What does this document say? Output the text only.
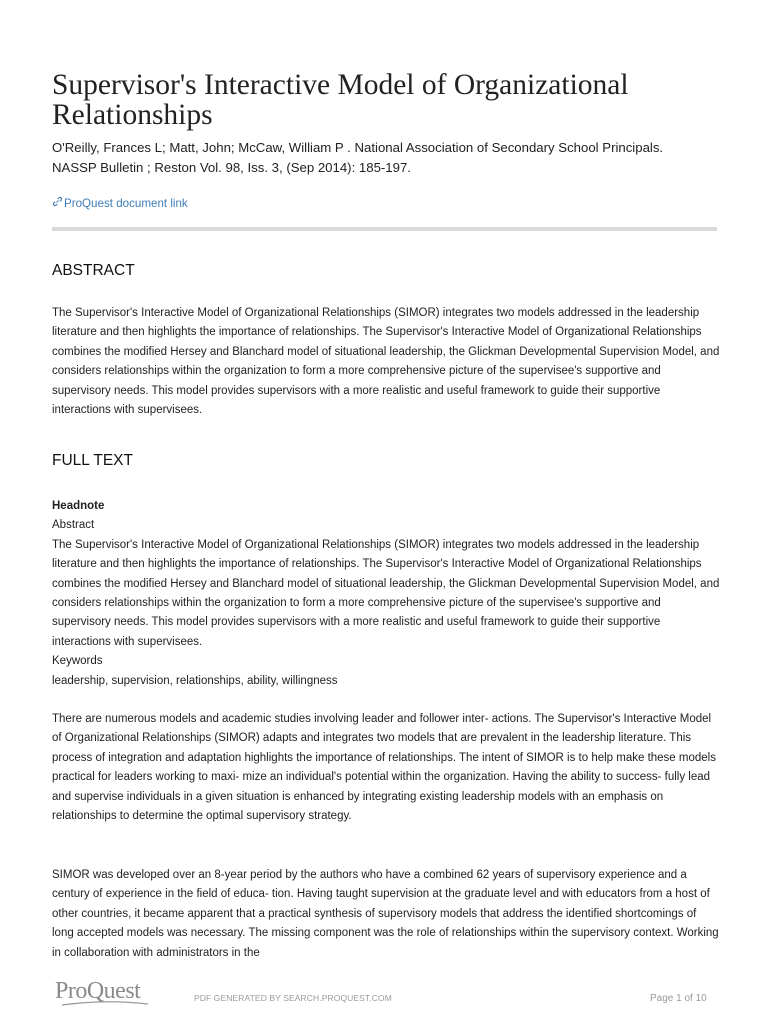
Supervisor's Interactive Model of Organizational Relationships
O'Reilly, Frances L; Matt, John; McCaw, William P . National Association of Secondary School Principals.
NASSP Bulletin ; Reston Vol. 98, Iss. 3, (Sep 2014): 185-197.
ProQuest document link
ABSTRACT

The Supervisor's Interactive Model of Organizational Relationships (SIMOR) integrates two models addressed in the leadership literature and then highlights the importance of relationships. The Supervisor's Interactive Model of Organizational Relationships combines the modified Hersey and Blanchard model of situational leadership, the Glickman Developmental Supervision Model, and considers relationships within the organization to form a more comprehensive picture of the supervisee's supportive and supervisory needs. This model provides supervisors with a more realistic and useful framework to guide their supportive interactions with supervisees.

FULL TEXT
Headnote
Abstract
The Supervisor's Interactive Model of Organizational Relationships (SIMOR) integrates two models addressed in the leadership literature and then highlights the importance of relationships. The Supervisor's Interactive Model of Organizational Relationships combines the modified Hersey and Blanchard model of situational leadership, the Glickman Developmental Supervision Model, and considers relationships within the organization to form a more comprehensive picture of the supervisee's supportive and supervisory needs. This model provides supervisors with a more realistic and useful framework to guide their supportive interactions with supervisees.
Keywords
leadership, supervision, relationships, ability, willingness

There are numerous models and academic studies involving leader and follower inter- actions. The Supervisor's Interactive Model of Organizational Relationships (SIMOR) adapts and integrates two models that are prevalent in the leadership literature. This process of integration and adaptation highlights the importance of relationships. The intent of SIMOR is to help make these models practical for leaders working to maxi- mize an individual's potential within the organization. Having the ability to success- fully lead and supervise individuals in a given situation is enhanced by integrating existing leadership models with an emphasis on relationships to determine the optimal supervisory strategy.

SIMOR was developed over an 8-year period by the authors who have a combined 62 years of supervisory experience and a century of experience in the field of educa- tion. Having taught supervision at the graduate level and with educators from a host of other countries, it became apparent that a practical synthesis of supervisory models that address the identified shortcomings of long accepted models was necessary. The missing component was the role of relationships within the supervisory context. Working in collaboration with administrators in the

ProQuest	PDF GENERATED BY SEARCH.PROQUEST.COM	Page 1 of 10
